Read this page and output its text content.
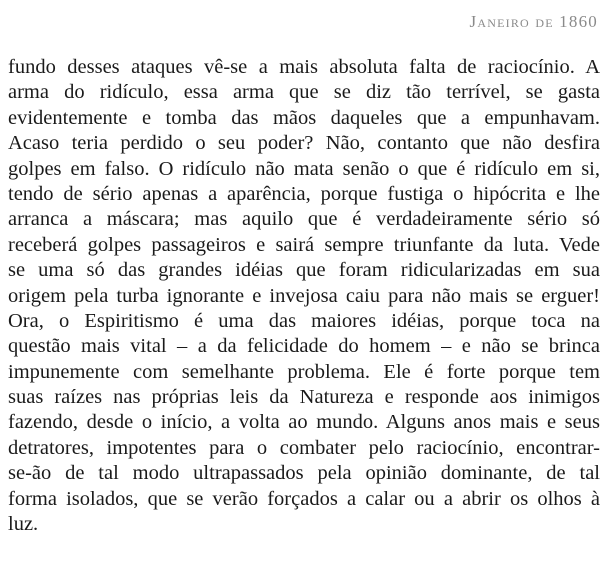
Janeiro de 1860
fundo desses ataques vê-se a mais absoluta falta de raciocínio. A
arma do ridículo, essa arma que se diz tão terrível, se gasta
evidentemente e tomba das mãos daqueles que a empunhavam.
Acaso teria perdido o seu poder? Não, contanto que não desfira
golpes em falso. O ridículo não mata senão o que é ridículo em si,
tendo de sério apenas a aparência, porque fustiga o hipócrita e lhe
arranca a máscara; mas aquilo que é verdadeiramente sério só
receberá golpes passageiros e sairá sempre triunfante da luta. Vede
se uma só das grandes idéias que foram ridicularizadas em sua
origem pela turba ignorante e invejosa caiu para não mais se erguer!
Ora, o Espiritismo é uma das maiores idéias, porque toca na
questão mais vital – a da felicidade do homem – e não se brinca
impunemente com semelhante problema. Ele é forte porque tem
suas raízes nas próprias leis da Natureza e responde aos inimigos
fazendo, desde o início, a volta ao mundo. Alguns anos mais e seus
detratores, impotentes para o combater pelo raciocínio, encontrar-
se-ão de tal modo ultrapassados pela opinião dominante, de tal
forma isolados, que se verão forçados a calar ou a abrir os olhos à
luz.
